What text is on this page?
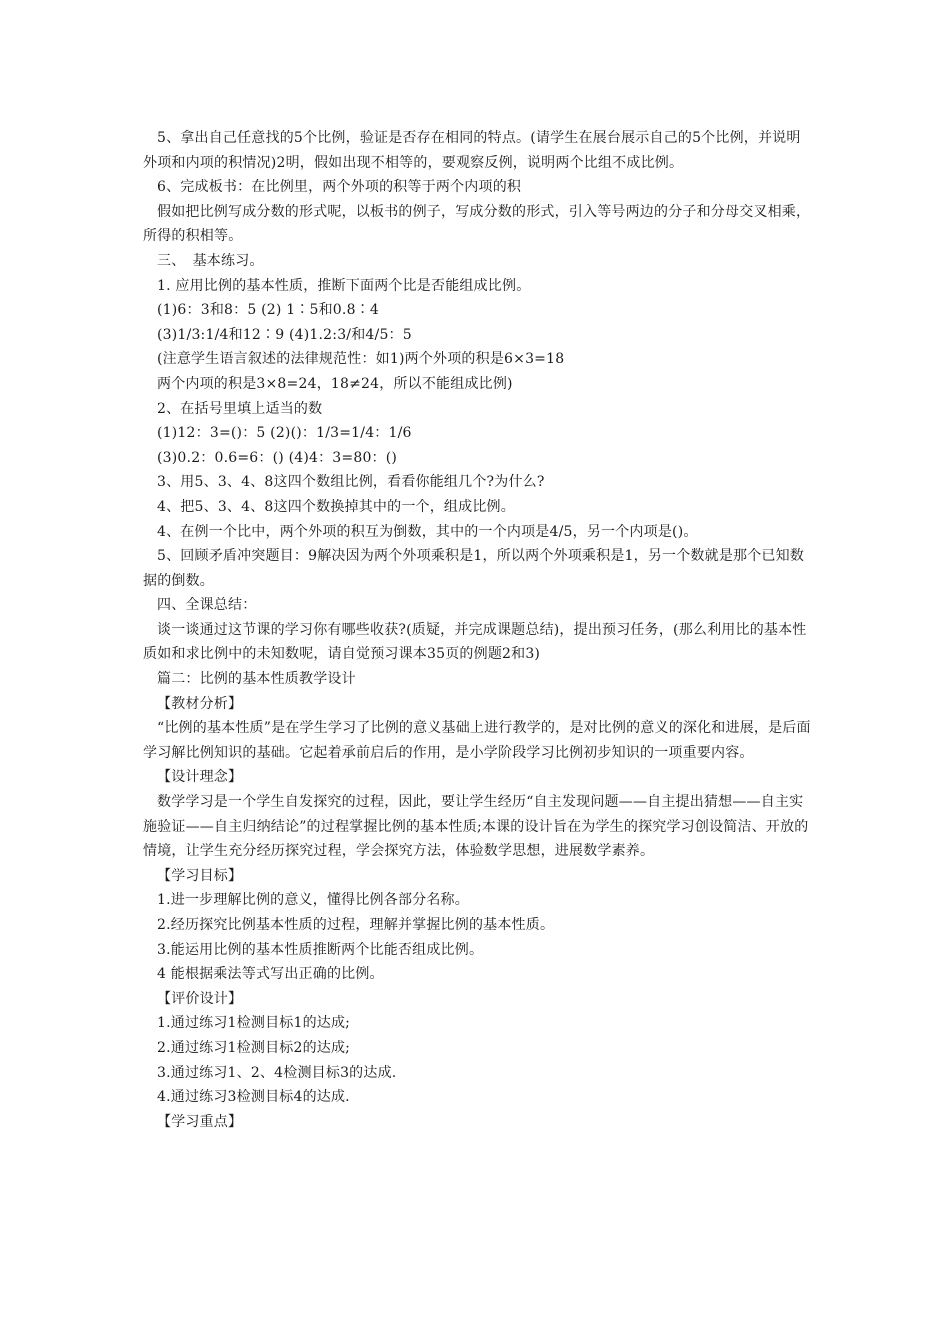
5、拿出自己任意找的5个比例，验证是否存在相同的特点。(请学生在展台展示自己的5个比例，并说明外项和内项的积情况)2明，假如出现不相等的，要观察反例，说明两个比组不成比例。

6、完成板书：在比例里，两个外项的积等于两个内项的积

假如把比例写成分数的形式呢，以板书的例子，写成分数的形式，引入等号两边的分子和分母交叉相乘，所得的积相等。

三、　基本练习。

1. 应用比例的基本性质，推断下面两个比是否能组成比例。

(1)6：3和8：5 (2) 1∶5和0.8∶4

(3)1/3:1/4和12∶9 (4)1.2:3/和4/5：5

(注意学生语言叙述的法律规范性：如1)两个外项的积是6×3=18

两个内项的积是3×8=24，18≠24，所以不能组成比例)

2、在括号里填上适当的数

(1)12：3=()：5 (2)()：1/3=1/4：1/6

(3)0.2：0.6=6：() (4)4：3=80：()

3、用5、3、4、8这四个数组比例，看看你能组几个?为什么?

4、把5、3、4、8这四个数换掉其中的一个，组成比例。

4、在例一个比中，两个外项的积互为倒数，其中的一个内项是4/5，另一个内项是()。

5、回顾矛盾冲突题目：9解决因为两个外项乘积是1，所以两个外项乘积是1，另一个数就是那个已知数据的倒数。

四、全课总结：

谈一谈通过这节课的学习你有哪些收获?(质疑，并完成课题总结)，提出预习任务，(那么利用比的基本性质如和求比例中的未知数呢，请自觉预习课本35页的例题2和3)

篇二：比例的基本性质教学设计

【教材分析】

“比例的基本性质”是在学生学习了比例的意义基础上进行教学的，是对比例的意义的深化和进展，是后面学习解比例知识的基础。它起着承前启后的作用，是小学阶段学习比例初步知识的一项重要内容。

【设计理念】

数学学习是一个学生自发探究的过程，因此，要让学生经历“自主发现问题——自主提出猜想——自主实施验证——自主归纳结论”的过程掌握比例的基本性质;本课的设计旨在为学生的探究学习创设简洁、开放的情境，让学生充分经历探究过程，学会探究方法，体验数学思想，进展数学素养。

【学习目标】

1.进一步理解比例的意义，懂得比例各部分名称。

2.经历探究比例基本性质的过程，理解并掌握比例的基本性质。

3.能运用比例的基本性质推断两个比能否组成比例。

4 能根据乘法等式写出正确的比例。

【评价设计】

1.通过练习1检测目标1的达成;

2.通过练习1检测目标2的达成;

3.通过练习1、2、4检测目标3的达成.

4.通过练习3检测目标4的达成.

【学习重点】
